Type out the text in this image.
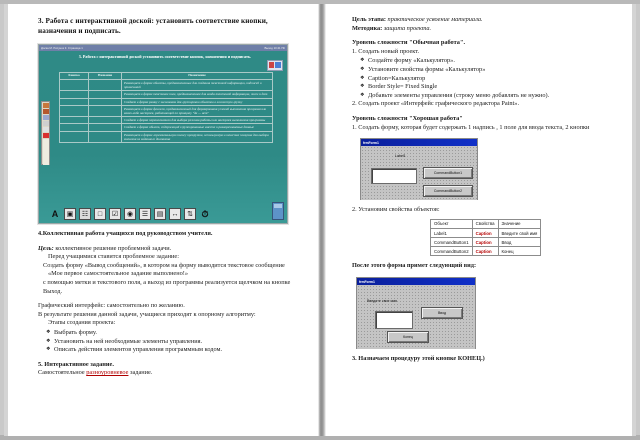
3. Работа с интерактивной доской: установить соответствие кнопки, назначения и подписать.
Доска М. Рисунок 3. Страница 1	Выход 10:41 ПК
3. Работа с интерактивной доской установить соответствие кнопок, назначения и подписать.
Кнопка	Название	Назначение
		Размещает в форме объекты, предназначенные для создания текстовой информации, подписей и примечаний
		Размещает в форме текстовое поле, предназначенное для ввода текстовой информации, чисел и дат
		Создает в форме рамку с заголовком для группировки объектов в логическую группу
		Размещает в форме флажок, предназначенный для формирования условий выполнения программ или каких-либо настроек, работающий по принципу "да — нет"
		Создает в форме переключатели для выбора режима работы или настроек выполнения программы
		Создает в форме объект, содержащий сгруппированные вместе и разворачиваемые данные
		Размещает в форме горизонтальную полосу прокрутки, используемую в качестве ползунка для выбора значения из заданного диапазона
A	▣	☷	□	☑	◉	☰	▤	↔	⇅ ⏱

4.Коллективная работа учащихся под руководством учителя.

Цель: коллективное решение проблемной задачи.

Перед учащимися ставится проблемное задание:

Создать форму «Вывод сообщений», в котором на форму выводится текстовое сообщение

«Мое первое самостоятельное задание выполнено!»

с помощью метки и текстового поля, а выход из программы реализуется щелчком на кнопке Выход.

Графический интерфейс: самостоятельно по желанию.

В результате решения данной задачи, учащиеся приходят к опорному алгоритму:

Этапы создания проекта:

❖ Выбрать форму.
❖ Установить на ней необходимые элементы управления.
❖ Описать действия элементов управления программным кодом.

5. Интерактивное задание.

Самостоятельное разноуровневое задание.

Цель этапа: практическое усвоение материала.

Методика: защита проекта.

Уровень сложности "Обычная работа".

1. Создать новый проект.

❖ Создайте форму «Калькулятор».
❖ Установите свойства формы «Калькулятор»
❖ Caption=Калькулятор
❖ Border Style= Fixed Single
❖ Добавьте элементы управления (строку меню добавлять не нужно).

2. Создать проект «Интерфейс графического редактора Paint».

Уровень сложности "Хорошая работа"

1. Создать форму, которая будет содержать 1 надпись , 1 поле для ввода текста, 2 кнопки

frmForm1
Label1
CommandButton1
CommandButton2

2. Установим свойства объектов:

Объект	Свойства	Значение
Label1	Caption	Введите свой имя
CommandButton1	Caption	Ввод
CommandButton2	Caption	Конец

После этого форма примет следующий вид:

frmForm1
Введите свое имя
Ввод
Конец

3. Назначаем процедуру этой кнопке КОНЕЦ.)
